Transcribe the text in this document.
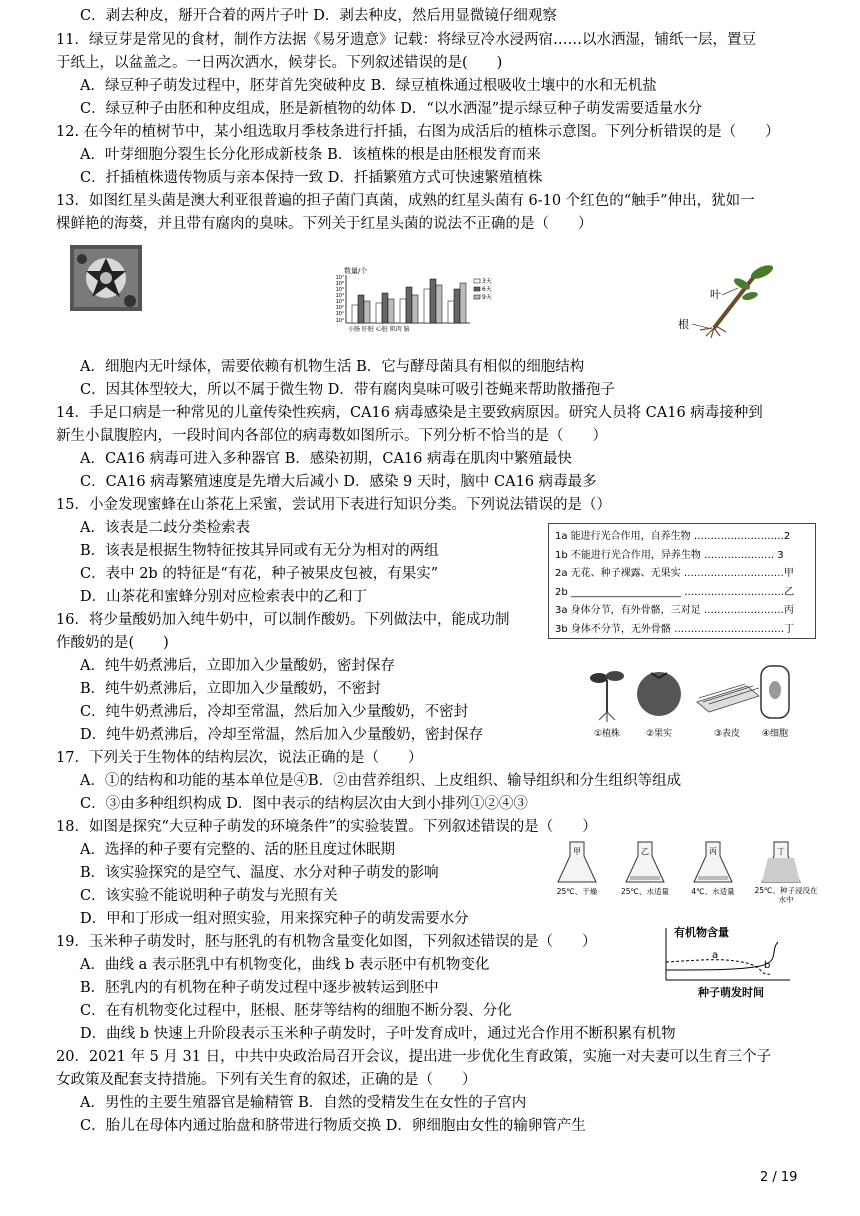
C．剥去种皮，掰开合着的两片子叶 D．剥去种皮，然后用显微镜仔细观察
11．绿豆芽是常见的食材，制作方法据《易牙遗意》记载：将绿豆冷水浸两宿……以水洒湿，铺纸一层，置豆
于纸上，以盆盖之。一日两次洒水，候芽长。下列叙述错误的是(　　)
A．绿豆种子萌发过程中，胚芽首先突破种皮 B．绿豆植株通过根吸收土壤中的水和无机盐
C．绿豆种子由胚和种皮组成，胚是新植物的幼体 D．“以水洒湿”提示绿豆种子萌发需要适量水分
12. 在今年的植树节中，某小组选取月季枝条进行扦插，右图为成活后的植株示意图。下列分析错误的是（　　）
A．叶芽细胞分裂生长分化形成新枝条 B．该植株的根是由胚根发育而来
C．扦插植株遗传物质与亲本保持一致 D．扦插繁殖方式可快速繁殖植株
13．如图红星头菌是澳大利亚很普遍的担子菌门真菌，成熟的红星头菌有 6-10 个红色的“触手”伸出，犹如一
棵鲜艳的海葵，并且带有腐肉的臭味。下列关于红星头菌的说法不正确的是（　　）
数量/个
10⁷
10⁶
10⁵
10⁴
10³
10²
10¹
10⁰
小肠 肝脏 心脏 肌肉 脑
3天
6天
9天	叶
根
A．细胞内无叶绿体，需要依赖有机物生活 B．它与酵母菌具有相似的细胞结构
C．因其体型较大，所以不属于微生物 D．带有腐肉臭味可吸引苍蝇来帮助散播孢子
14．手足口病是一种常见的儿童传染性疾病，CA16 病毒感染是主要致病原因。研究人员将 CA16 病毒接种到
新生小鼠腹腔内，一段时间内各部位的病毒数如图所示。下列分析不恰当的是（　　）
A．CA16 病毒可进入多种器官 B．感染初期，CA16 病毒在肌肉中繁殖最快
C．CA16 病毒繁殖速度是先增大后减小 D．感染 9 天时，脑中 CA16 病毒最多
15．小金发现蜜蜂在山茶花上采蜜，尝试用下表进行知识分类。下列说法错误的是（）
A．该表是二歧分类检索表
B．该表是根据生物特征按其异同或有无分为相对的两组
C．表中 2b 的特征是“有花，种子被果皮包被，有果实”
D．山茶花和蜜蜂分别对应检索表中的乙和丁
1a 能进行光合作用，自养生物 ………………………2
1b 不能进行光合作用，异养生物 ………………… 3
2a 无花、种子裸露、无果实 …………………………甲
2b ______________________ …………………………乙
3a 身体分节，有外骨骼，三对足 ……………………丙
3b 身体不分节，无外骨骼 ……………………………丁
16．将少量酸奶加入纯牛奶中，可以制作酸奶。下列做法中，能成功制
作酸奶的是(　　)
A．纯牛奶煮沸后，立即加入少量酸奶，密封保存
B．纯牛奶煮沸后，立即加入少量酸奶，不密封
C．纯牛奶煮沸后，冷却至常温，然后加入少量酸奶，不密封
D．纯牛奶煮沸后，冷却至常温，然后加入少量酸奶，密封保存	①植株	②果实	③表皮 ④细胞
17．下列关于生物体的结构层次，说法正确的是（　　）
A．①的结构和功能的基本单位是④B．②由营养组织、上皮组织、输导组织和分生组织等组成
C．③由多种组织构成 D．图中表示的结构层次由大到小排列①②④③
18．如图是探究“大豆种子萌发的环境条件”的实验装置。下列叙述错误的是（　　）
A．选择的种子要有完整的、活的胚且度过休眠期
B．该实验探究的是空气、温度、水分对种子萌发的影响
C．该实验不能说明种子萌发与光照有关
D．甲和丁形成一组对照实验，用来探究种子的萌发需要水分
甲	乙	丙	丁
25℃、干燥	25℃、水适量	4℃、水适量	25℃、种子浸没在水中
19．玉米种子萌发时，胚与胚乳的有机物含量变化如图，下列叙述错误的是（　　）
A．曲线 a 表示胚乳中有机物变化，曲线 b 表示胚中有机物变化
B．胚乳内的有机物在种子萌发过程中逐步被转运到胚中
C．在有机物变化过程中，胚根、胚芽等结构的细胞不断分裂、分化
D．曲线 b 快速上升阶段表示玉米种子萌发时，子叶发育成叶，通过光合作用不断积累有机物
有机物含量
a
b
种子萌发时间
20．2021 年 5 月 31 日，中共中央政治局召开会议，提出进一步优化生育政策，实施一对夫妻可以生育三个子
女政策及配套支持措施。下列有关生育的叙述，正确的是（　　）
A．男性的主要生殖器官是输精管 B．自然的受精发生在女性的子宫内
C．胎儿在母体内通过胎盘和脐带进行物质交换 D．卵细胞由女性的输卵管产生
2 / 19
